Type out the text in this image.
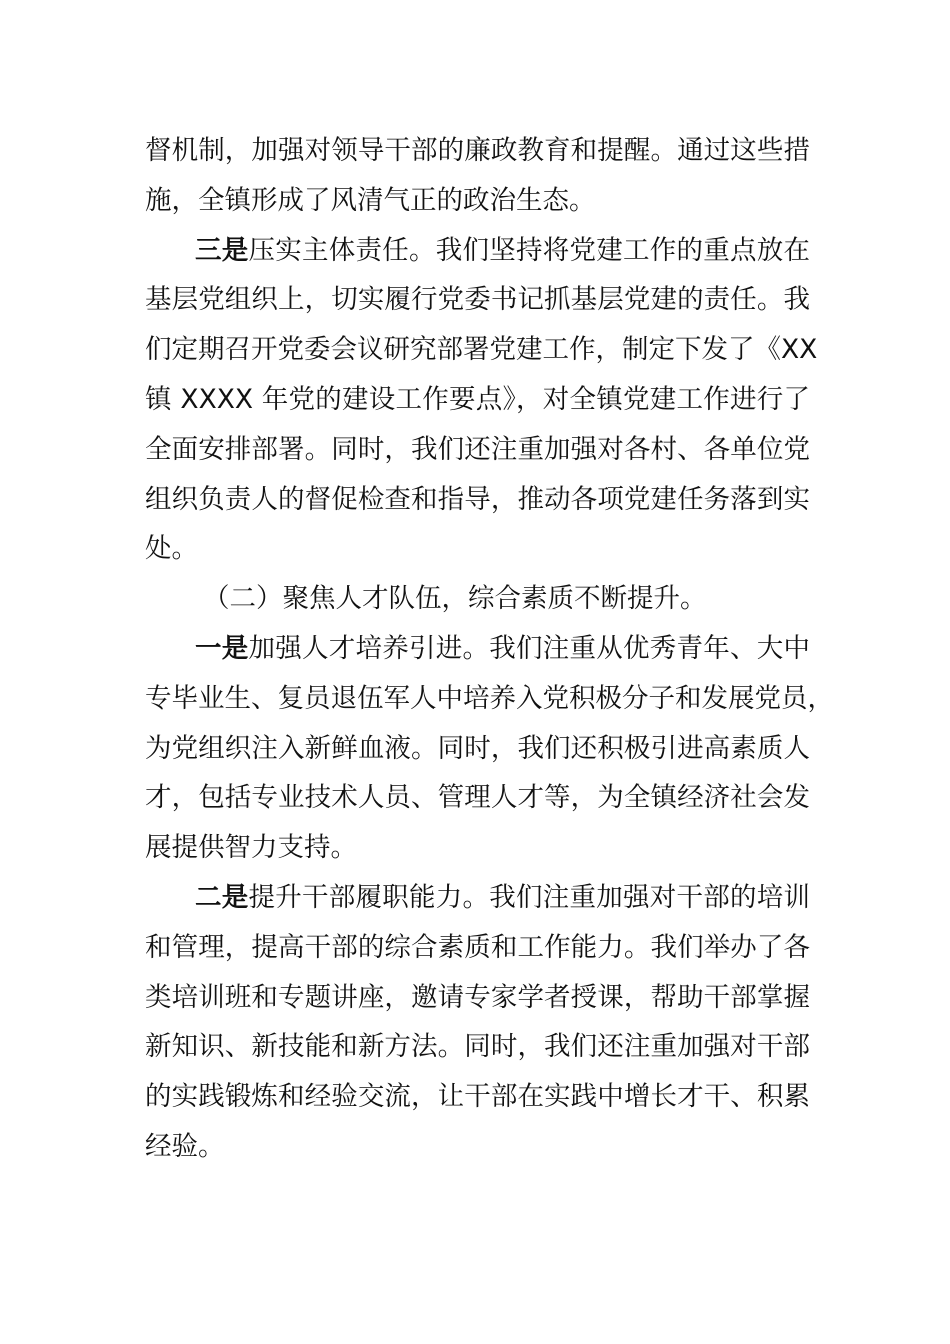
督机制，加强对领导干部的廉政教育和提醒。通过这些措
施，全镇形成了风清气正的政治生态。
三是压实主体责任。我们坚持将党建工作的重点放在
基层党组织上，切实履行党委书记抓基层党建的责任。我
们定期召开党委会议研究部署党建工作，制定下发了《XX
镇 XXXX 年党的建设工作要点》，对全镇党建工作进行了
全面安排部署。同时，我们还注重加强对各村、各单位党
组织负责人的督促检查和指导，推动各项党建任务落到实
处。
（二）聚焦人才队伍，综合素质不断提升。
一是加强人才培养引进。我们注重从优秀青年、大中
专毕业生、复员退伍军人中培养入党积极分子和发展党员，
为党组织注入新鲜血液。同时，我们还积极引进高素质人
才，包括专业技术人员、管理人才等，为全镇经济社会发
展提供智力支持。
二是提升干部履职能力。我们注重加强对干部的培训
和管理，提高干部的综合素质和工作能力。我们举办了各
类培训班和专题讲座，邀请专家学者授课，帮助干部掌握
新知识、新技能和新方法。同时，我们还注重加强对干部
的实践锻炼和经验交流，让干部在实践中增长才干、积累
经验。
